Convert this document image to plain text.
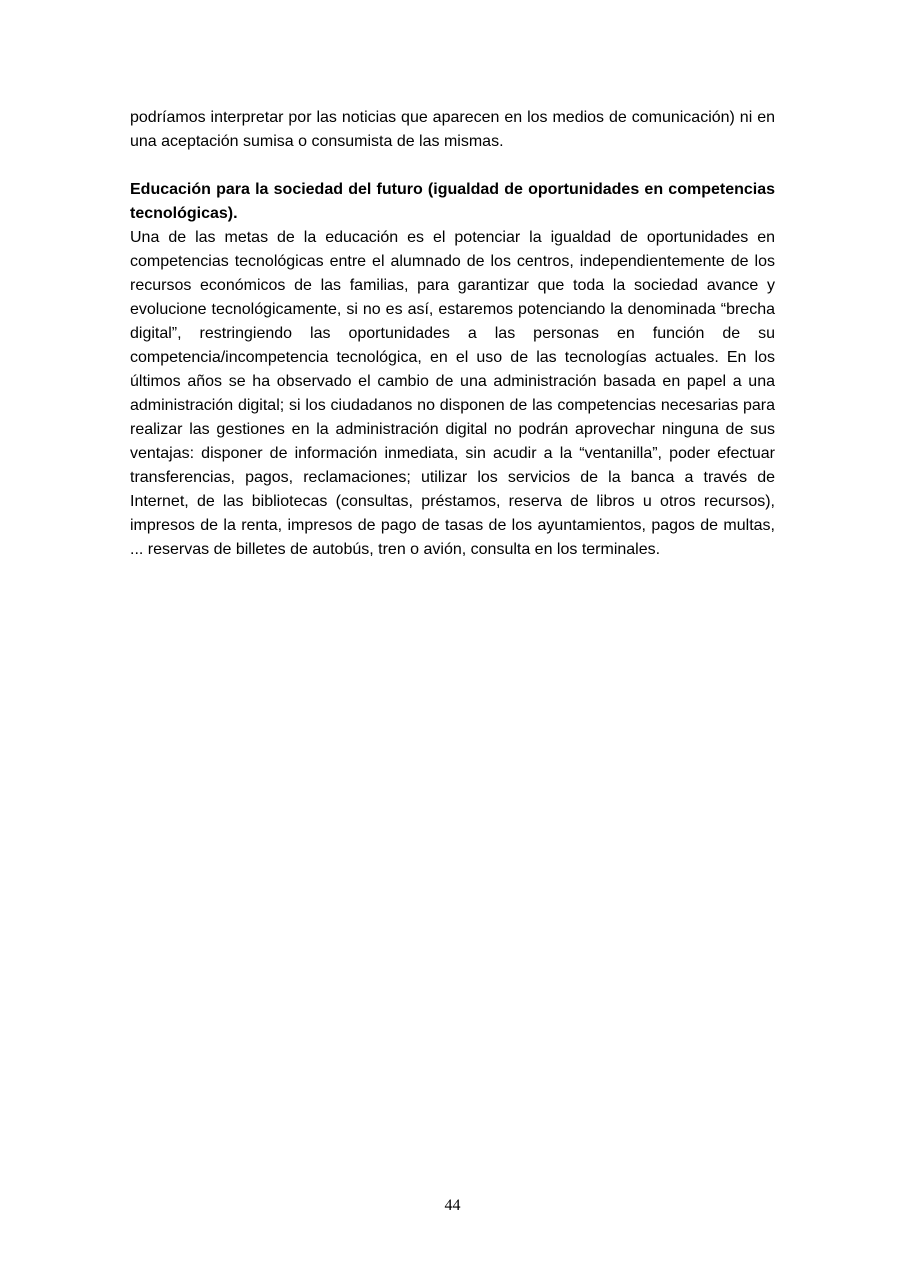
podríamos interpretar por las noticias que aparecen en los medios de comunicación) ni en una aceptación sumisa o consumista de las mismas.

Educación para la sociedad del futuro (igualdad de oportunidades en competencias tecnológicas).

Una de las metas de la educación es el potenciar la igualdad de oportunidades en competencias tecnológicas entre el alumnado de los centros, independientemente de los recursos económicos de las familias, para garantizar que toda la sociedad avance y evolucione tecnológicamente, si no es así, estaremos potenciando la denominada “brecha digital”, restringiendo las oportunidades a las personas en función de su competencia/incompetencia tecnológica, en el uso de las tecnologías actuales. En los últimos años se ha observado el cambio de una administración basada en papel a una administración digital; si los ciudadanos no disponen de las competencias necesarias para realizar las gestiones en la administración digital no podrán aprovechar ninguna de sus ventajas: disponer de información inmediata, sin acudir a la “ventanilla”, poder efectuar transferencias, pagos, reclamaciones; utilizar los servicios de la banca a través de Internet, de las bibliotecas (consultas, préstamos, reserva de libros u otros recursos), impresos de la renta, impresos de pago de tasas de los ayuntamientos, pagos de multas, ... reservas de billetes de autobús, tren o avión, consulta en los terminales.

44
